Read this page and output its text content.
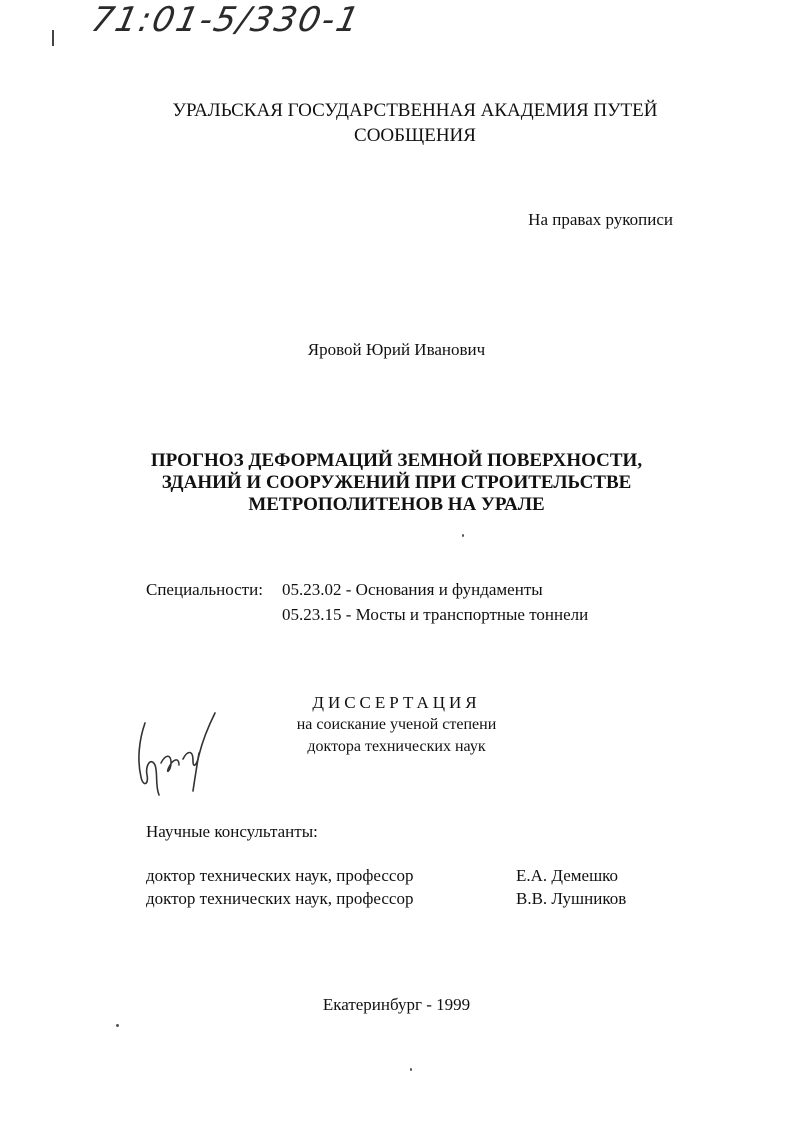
71:01-5/330-1
УРАЛЬСКАЯ ГОСУДАРСТВЕННАЯ АКАДЕМИЯ ПУТЕЙ
СООБЩЕНИЯ
На правах рукописи
Яровой Юрий Иванович
ПРОГНОЗ ДЕФОРМАЦИЙ ЗЕМНОЙ ПОВЕРХНОСТИ,
ЗДАНИЙ И СООРУЖЕНИЙ ПРИ СТРОИТЕЛЬСТВЕ
МЕТРОПОЛИТЕНОВ НА УРАЛЕ
Специальности: 05.23.02 - Основания и фундаменты
05.23.15 - Мосты и транспортные тоннели
ДИССЕРТАЦИЯ
на соискание ученой степени
доктора технических наук
Научные консультанты:
доктор технических наук, профессор	Е.А. Демешко
доктор технических наук, профессор	В.В. Лушников
Екатеринбург - 1999
